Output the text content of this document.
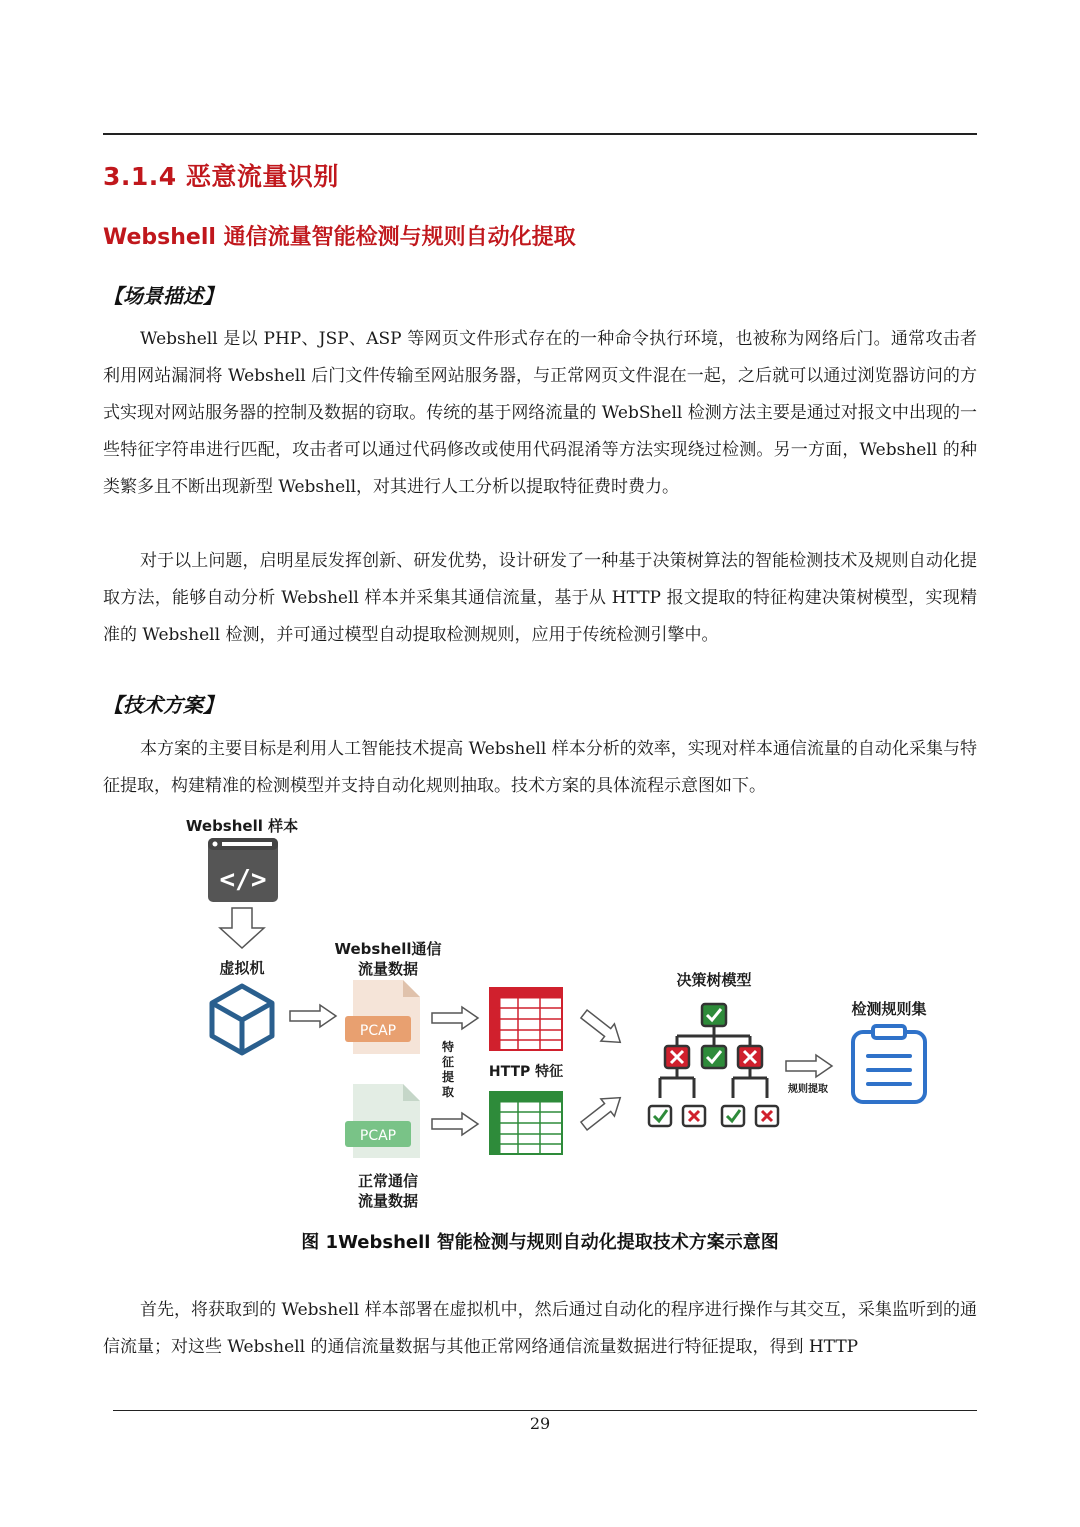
3.1.4 恶意流量识别
Webshell 通信流量智能检测与规则自动化提取
【场景描述】
Webshell 是以 PHP、JSP、ASP 等网页文件形式存在的一种命令执行环境，也被称为网络后门。通常攻击者利用网站漏洞将 Webshell 后门文件传输至网站服务器，与正常网页文件混在一起，之后就可以通过浏览器访问的方式实现对网站服务器的控制及数据的窃取。传统的基于网络流量的 WebShell 检测方法主要是通过对报文中出现的一些特征字符串进行匹配，攻击者可以通过代码修改或使用代码混淆等方法实现绕过检测。另一方面，Webshell 的种类繁多且不断出现新型 Webshell，对其进行人工分析以提取特征费时费力。
对于以上问题，启明星辰发挥创新、研发优势，设计研发了一种基于决策树算法的智能检测技术及规则自动化提取方法，能够自动分析 Webshell 样本并采集其通信流量，基于从 HTTP 报文提取的特征构建决策树模型，实现精准的 Webshell 检测，并可通过模型自动提取检测规则，应用于传统检测引擎中。
【技术方案】
本方案的主要目标是利用人工智能技术提高 Webshell 样本分析的效率，实现对样本通信流量的自动化采集与特征提取，构建精准的检测模型并支持自动化规则抽取。技术方案的具体流程示意图如下。
Webshell 样本
</>
虚拟机
Webshell通信
流量数据
PCAP
PCAP
正常通信
流量数据
特
征
提
取
HTTP 特征
决策树模型
规则提取
检测规则集
图 1Webshell 智能检测与规则自动化提取技术方案示意图
首先，将获取到的 Webshell 样本部署在虚拟机中，然后通过自动化的程序进行操作与其交互，采集监听到的通信流量；对这些 Webshell 的通信流量数据与其他正常网络通信流量数据进行特征提取，得到 HTTP
29
